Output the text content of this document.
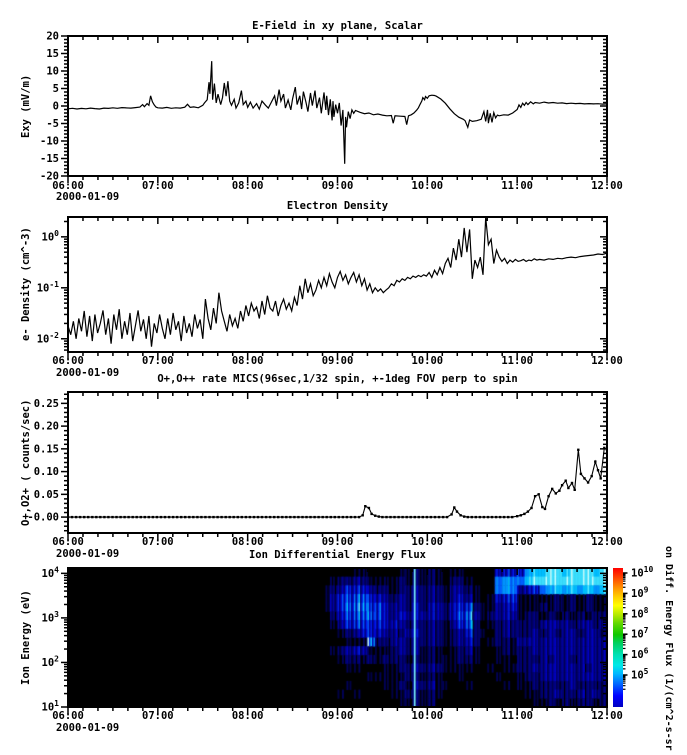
-20
-15
-10
-5
0
5
10
15
20
06:00	07:00	08:00	09:00	10:00	11:00	12:00
$10^{-2}$
$10^{-1}$
$10^0$
06:00	07:00	08:00	09:00	10:00	11:00	12:00
-0.00
0.05
0.10
0.15
0.20
0.25
06:00	07:00	08:00	09:00	10:00	11:00	12:00
$10^1$
$10^2$
$10^3$
$10^4$
06:00	07:00	08:00	09:00	10:00	11:00	12:00
$10^{10}$
$10^9$
$10^8$
$10^7$
$10^6$
$10^5$
E-Field in xy plane, Scalar
Electron Density
O+,O++ rate MICS(96sec,1/32 spin, +-1deg FOV perp to spin
Ion Differential Energy Flux
Exy (mV/m)
e- Density (cm^-3)
O+,O2+ ( counts/sec)
Ion Energy (eV)
2000-01-09
2000-01-09
2000-01-09
2000-01-09	on Diff. Energy Flux (1/(cm^2-s-sr
